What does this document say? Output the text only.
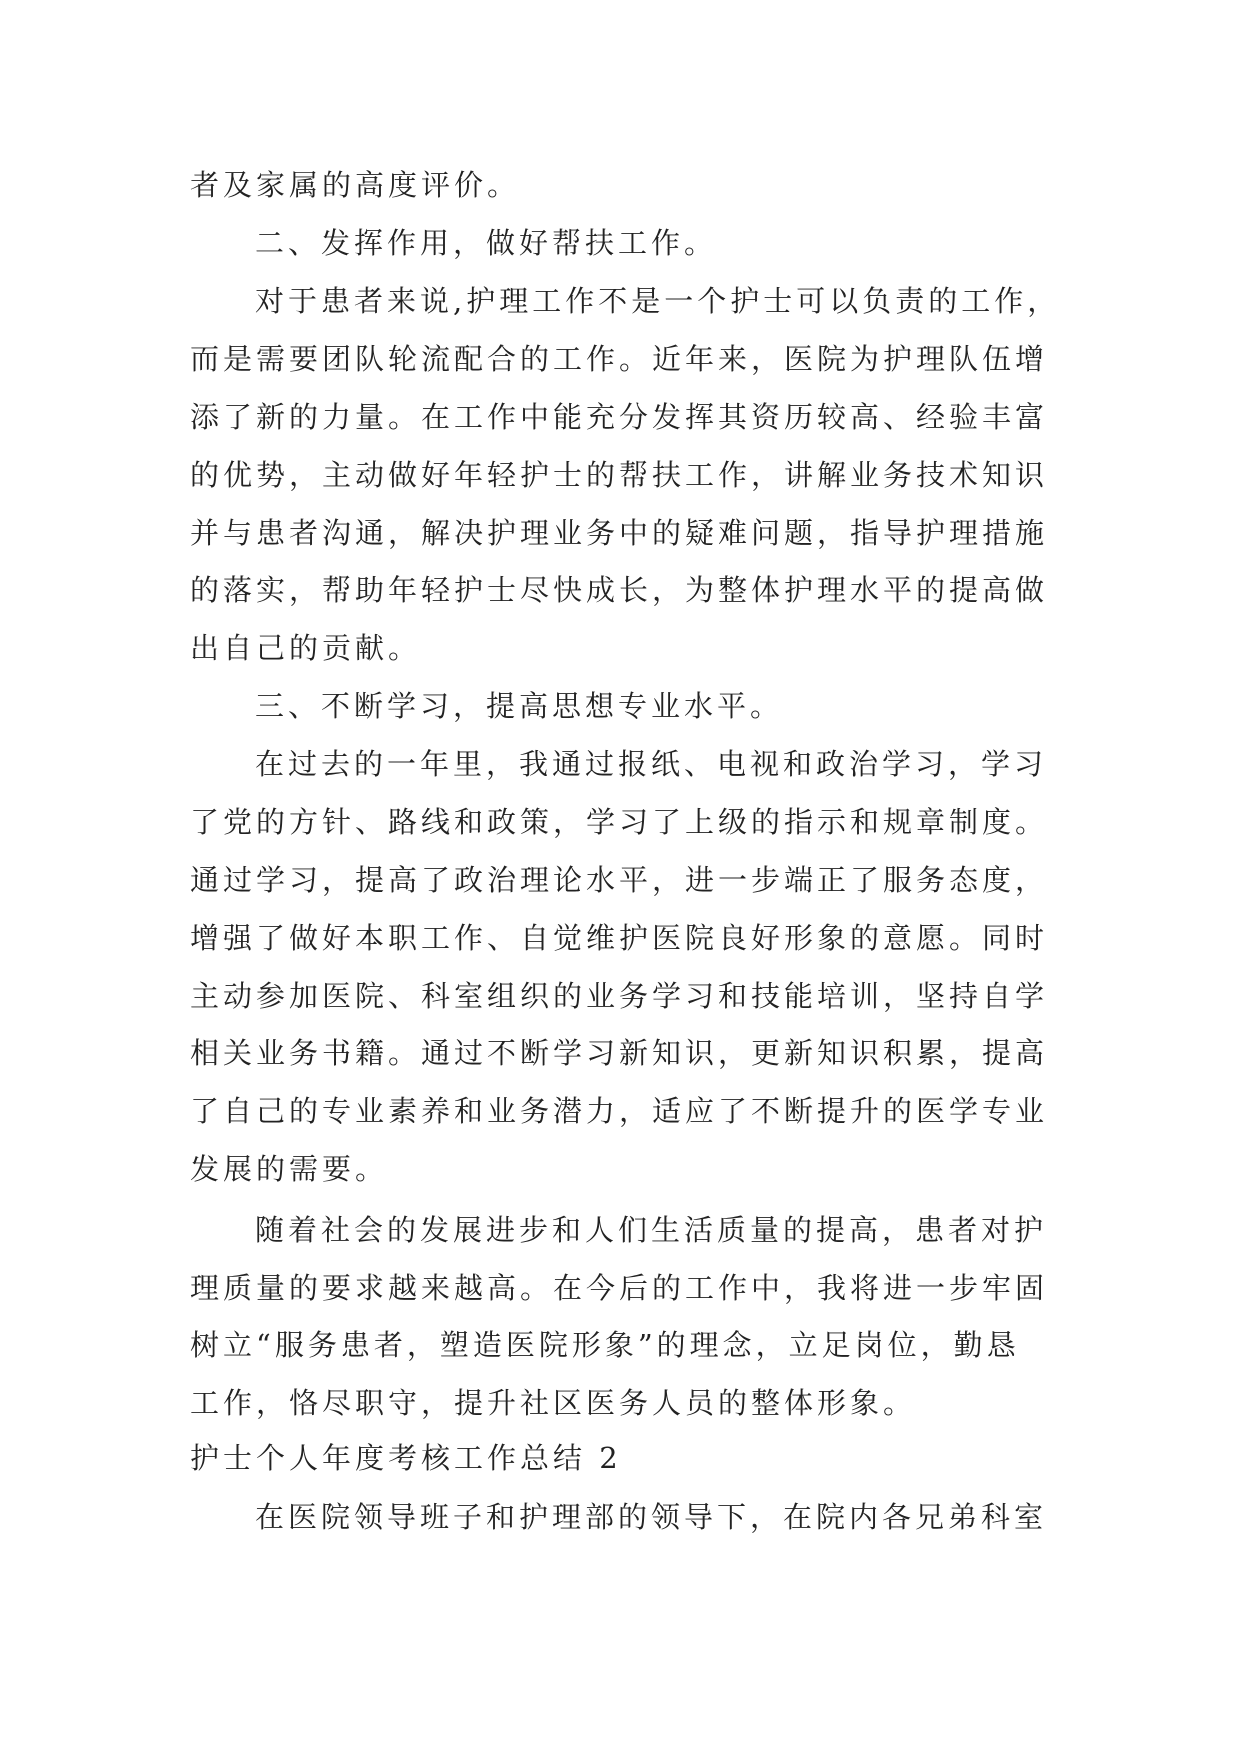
者及家属的高度评价。
二、发挥作用，做好帮扶工作。
对于患者来说,护理工作不是一个护士可以负责的工作，
而是需要团队轮流配合的工作。近年来，医院为护理队伍增
添了新的力量。在工作中能充分发挥其资历较高、经验丰富
的优势，主动做好年轻护士的帮扶工作，讲解业务技术知识
并与患者沟通，解决护理业务中的疑难问题，指导护理措施
的落实，帮助年轻护士尽快成长，为整体护理水平的提高做
出自己的贡献。
三、不断学习，提高思想专业水平。
在过去的一年里，我通过报纸、电视和政治学习，学习
了党的方针、路线和政策，学习了上级的指示和规章制度。
通过学习，提高了政治理论水平，进一步端正了服务态度，
增强了做好本职工作、自觉维护医院良好形象的意愿。同时
主动参加医院、科室组织的业务学习和技能培训，坚持自学
相关业务书籍。通过不断学习新知识，更新知识积累，提高
了自己的专业素养和业务潜力，适应了不断提升的医学专业
发展的需要。
随着社会的发展进步和人们生活质量的提高，患者对护
理质量的要求越来越高。在今后的工作中，我将进一步牢固
树立“服务患者，塑造医院形象”的理念，立足岗位，勤恳
工作，恪尽职守，提升社区医务人员的整体形象。
护士个人年度考核工作总结 2
在医院领导班子和护理部的领导下，在院内各兄弟科室
